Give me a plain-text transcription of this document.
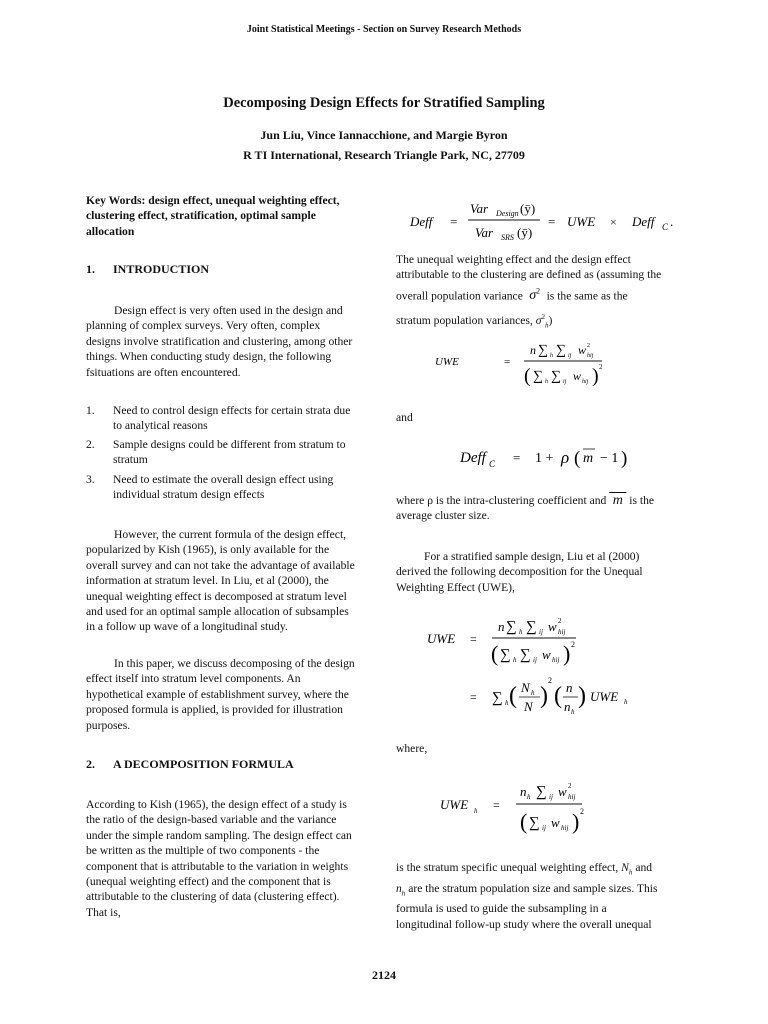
Joint Statistical Meetings - Section on Survey Research Methods
Decomposing Design Effects for Stratified Sampling
Jun Liu, Vince Iannacchione, and Margie Byron
R TI International, Research Triangle Park, NC, 27709
Key Words: design effect, unequal weighting effect,
clustering effect, stratification, optimal sample
allocation
1. INTRODUCTION
Design effect is very often used in the design and
planning of complex surveys. Very often, complex
designs involve stratification and clustering, among other
things. When conducting study design, the following
fsituations are often encountered.
1. Need to control design effects for certain strata due
to analytical reasons
2. Sample designs could be different from stratum to
stratum
3. Need to estimate the overall design effect using
individual stratum design effects
However, the current formula of the design effect,
popularized by Kish (1965), is only available for the
overall survey and can not take the advantage of available
information at stratum level. In Liu, et al (2000), the
unequal weighting effect is decomposed at stratum level
and used for an optimal sample allocation of subsamples
in a follow up wave of a longitudinal study.
In this paper, we discuss decomposing of the design
effect itself into stratum level components. An
hypothetical example of establishment survey, where the
proposed formula is applied, is provided for illustration
purposes.
2. A DECOMPOSITION FORMULA
According to Kish (1965), the design effect of a study is
the ratio of the design-based variable and the variance
under the simple random sampling. The design effect can
be written as the multiple of two components - the
component that is attributable to the variation in weights
(unequal weighting effect) and the component that is
attributable to the clustering of data (clustering effect).
That is,
Deff =
Var Design (ȳ)
Var SRS (ȳ)
= UWE × Deff C .
The unequal weighting effect and the design effect
attributable to the clustering are defined as (assuming the
overall population variance  $\sigma^2$ is the same as the
stratum population variances, $\sigma^2_h$)
UWE	=
n ∑ h ∑ ij w 2
hij
( ∑ h ∑ ij w hij ) 2
and
Deff C = 1 + ρ ( m − 1 )
where ρ is the intra-clustering coefficient and  m  is the
average cluster size.
For a stratified sample design, Liu et al (2000)
derived the following decomposition for the Unequal
Weighting Effect (UWE),
UWE =
n ∑ h ∑ ij w 2
hij
( ∑ h ∑ ij w hij ) 2
= ∑ h ( N h
N )
2
( n
n h
) UWE h
where,
UWE h =
n h ∑ ij w 2
hij
( ∑ ij w hij ) 2
is the stratum specific unequal weighting effect, $N_h$ and
$n_h$ are the stratum population size and sample sizes. This
formula is used to guide the subsampling in a
longitudinal follow-up study where the overall unequal
2124
